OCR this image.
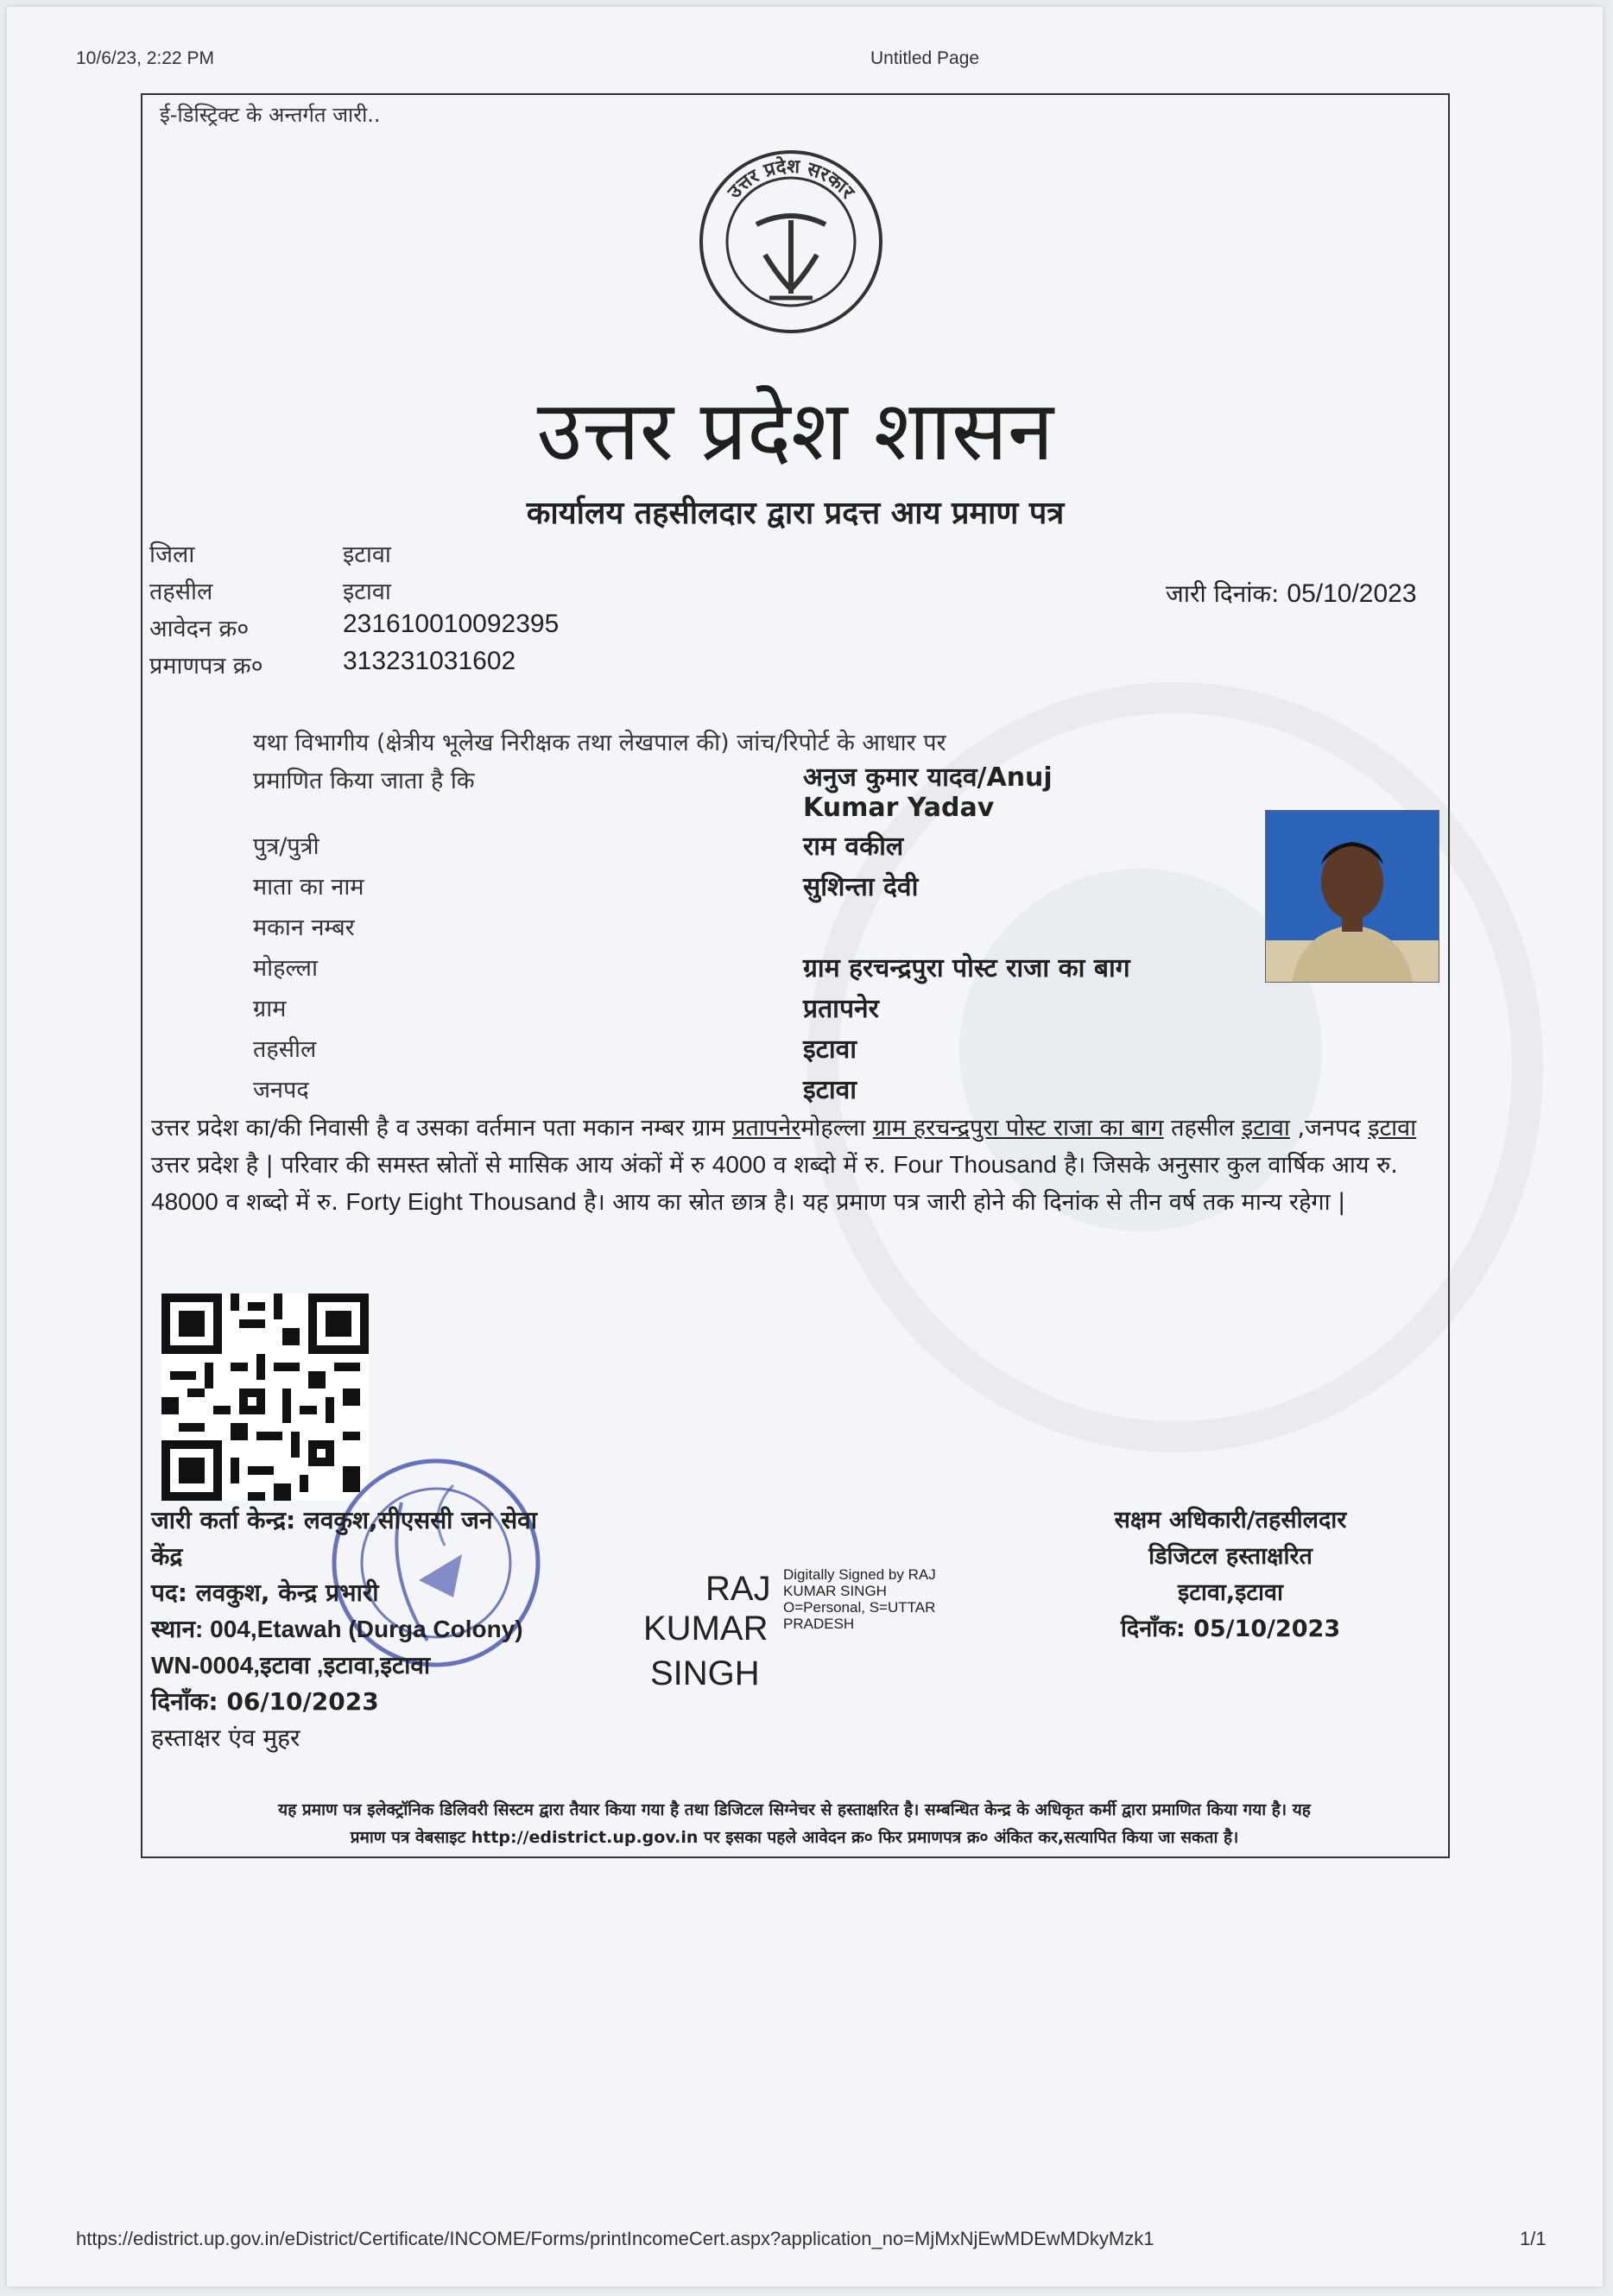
10/6/23, 2:22 PM	Untitled Page
ई-डिस्ट्रिक्ट के अन्तर्गत जारी..
उत्तर प्रदेश सरकार
उत्तर प्रदेश शासन
कार्यालय तहसीलदार द्वारा प्रदत्त आय प्रमाण पत्र
जिला	इटावा
तहसील	इटावा
आवेदन क्र०	231610010092395
प्रमाणपत्र क्र०	313231031602
जारी दिनांक: 05/10/2023
यथा विभागीय (क्षेत्रीय भूलेख निरीक्षक तथा लेखपाल की) जांच/रिपोर्ट के आधार पर
प्रमाणित किया जाता है कि	अनुज कुमार यादव/Anuj
Kumar Yadav
पुत्र/पुत्री	राम वकील
माता का नाम	सुशिन्ता देवी
मकान नम्बर
मोहल्ला	ग्राम हरचन्द्रपुरा पोस्ट राजा का बाग
ग्राम	प्रतापनेर
तहसील	इटावा
जनपद	इटावा
उत्तर प्रदेश का/की निवासी है व उसका वर्तमान पता मकान नम्बर ग्राम प्रतापनेरमोहल्ला ग्राम हरचन्द्रपुरा पोस्ट राजा का बाग तहसील इटावा ,जनपद इटावा उत्तर प्रदेश है | परिवार की समस्त स्रोतों से मासिक आय अंकों में रु 4000 व शब्दो में रु. Four Thousand है। जिसके अनुसार कुल वार्षिक आय रु. 48000 व शब्दो में रु. Forty Eight Thousand है। आय का स्रोत छात्र है। यह प्रमाण पत्र जारी होने की दिनांक से तीन वर्ष तक मान्य रहेगा |
जारी कर्ता केन्द्र: लवकुश,सीएससी जन सेवा
केंद्र
पद: लवकुश, केन्द्र प्रभारी
स्थान: 004,Etawah (Durga Colony)
WN-0004,इटावा ,इटावा,इटावा
दिनाँक: 06/10/2023
हस्ताक्षर एंव मुहर
RAJ
KUMAR
SINGH
Digitally Signed by RAJ
KUMAR SINGH
O=Personal, S=UTTAR
PRADESH
सक्षम अधिकारी/तहसीलदार
डिजिटल हस्ताक्षरित
इटावा,इटावा
दिनाँक: 05/10/2023
यह प्रमाण पत्र इलेक्ट्रॉनिक डिलिवरी सिस्टम द्वारा तैयार किया गया है तथा डिजिटल सिग्नेचर से हस्ताक्षरित है। सम्बन्धित केन्द्र के अधिकृत कर्मी द्वारा प्रमाणित किया गया है। यह
प्रमाण पत्र वेबसाइट http://edistrict.up.gov.in पर इसका पहले आवेदन क्र० फिर प्रमाणपत्र क्र० अंकित कर,सत्यापित किया जा सकता है।
https://edistrict.up.gov.in/eDistrict/Certificate/INCOME/Forms/printIncomeCert.aspx?application_no=MjMxNjEwMDEwMDkyMzk1	1/1
